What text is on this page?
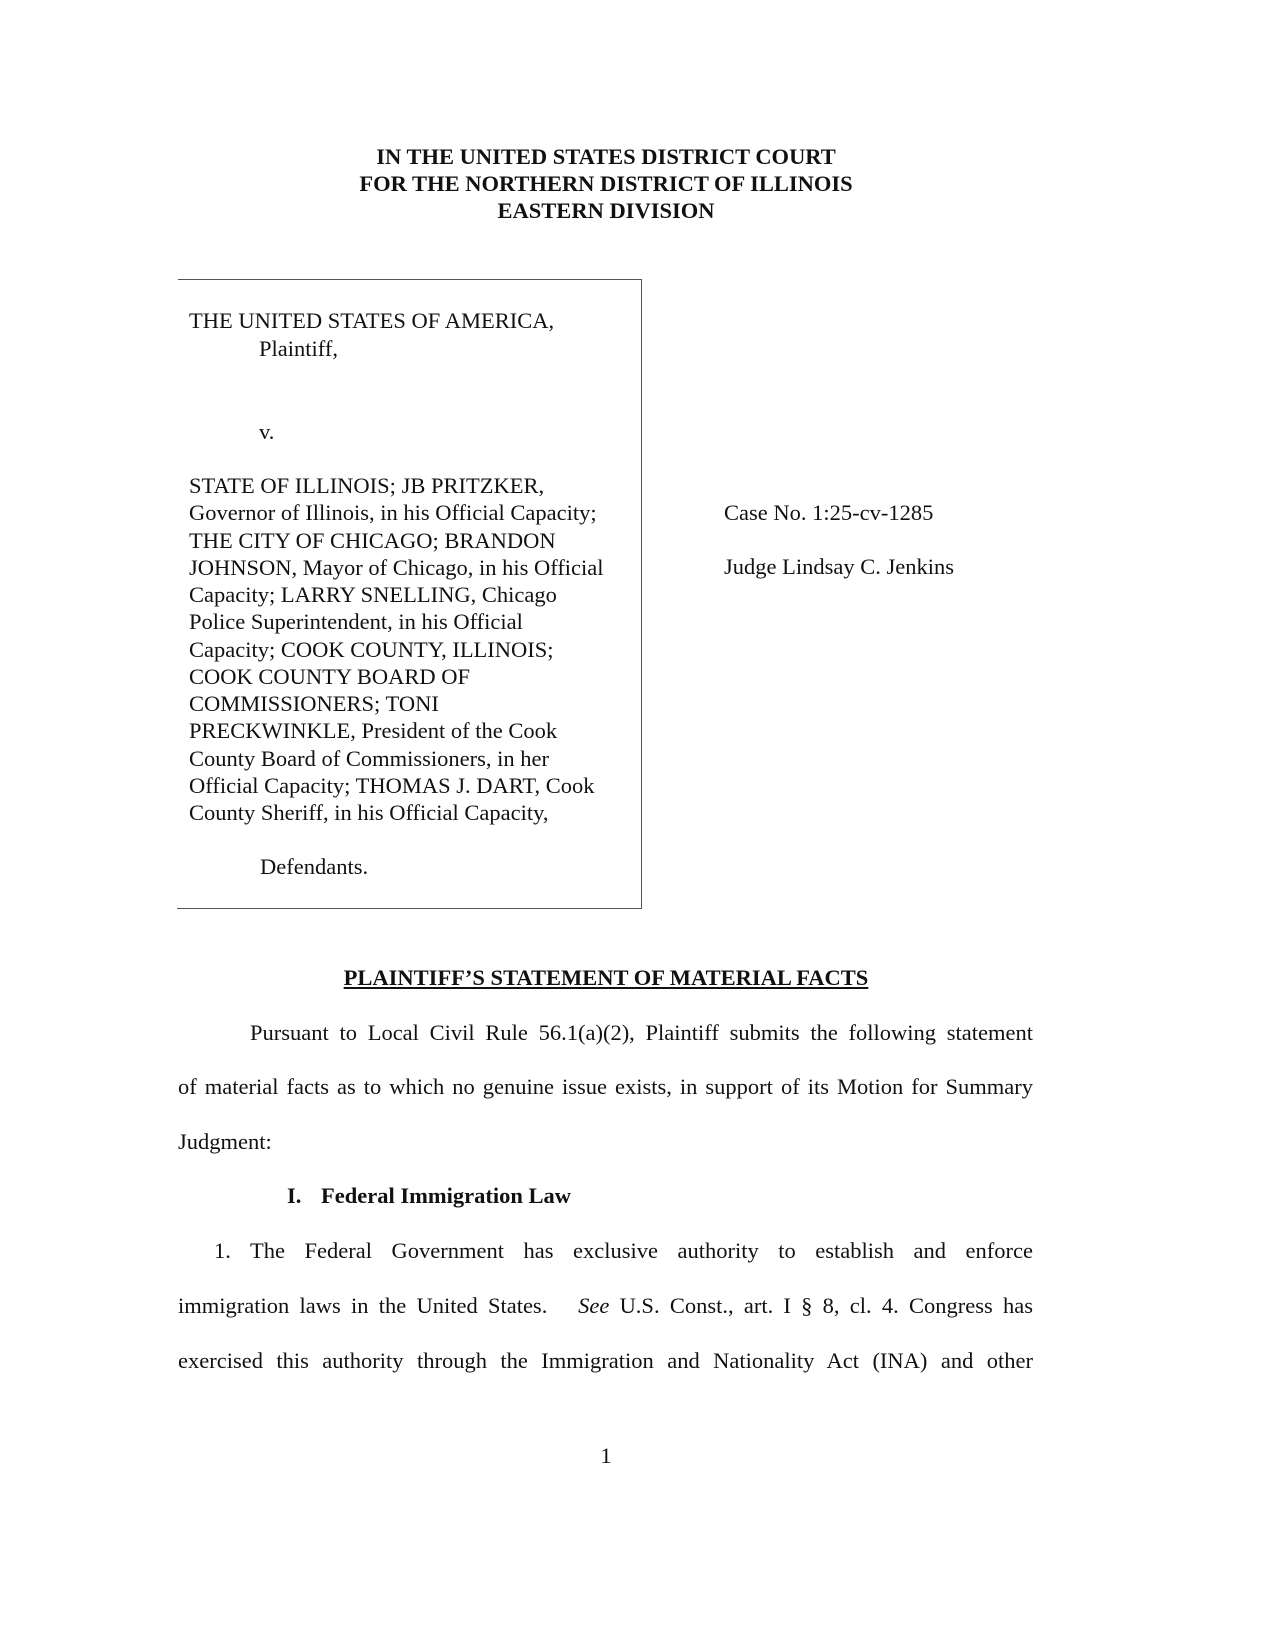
IN THE UNITED STATES DISTRICT COURT
FOR THE NORTHERN DISTRICT OF ILLINOIS
EASTERN DIVISION
THE UNITED STATES OF AMERICA,
Plaintiff,
v.
STATE OF ILLINOIS; JB PRITZKER,
Governor of Illinois, in his Official Capacity;
THE CITY OF CHICAGO; BRANDON
JOHNSON, Mayor of Chicago, in his Official
Capacity; LARRY SNELLING, Chicago
Police Superintendent, in his Official
Capacity; COOK COUNTY, ILLINOIS;
COOK COUNTY BOARD OF
COMMISSIONERS; TONI
PRECKWINKLE, President of the Cook
County Board of Commissioners, in her
Official Capacity; THOMAS J. DART, Cook
County Sheriff, in his Official Capacity,
Defendants.
Case No. 1:25-cv-1285
Judge Lindsay C. Jenkins
PLAINTIFF’S STATEMENT OF MATERIAL FACTS
Pursuant to Local Civil Rule 56.1(a)(2), Plaintiff submits the following statement
of material facts as to which no genuine issue exists, in support of its Motion for Summary
Judgment:
I. Federal Immigration Law
1. The Federal Government has exclusive authority to establish and enforce
immigration laws in the United States. See U.S. Const., art. I § 8, cl. 4. Congress has
exercised this authority through the Immigration and Nationality Act (INA) and other
1
